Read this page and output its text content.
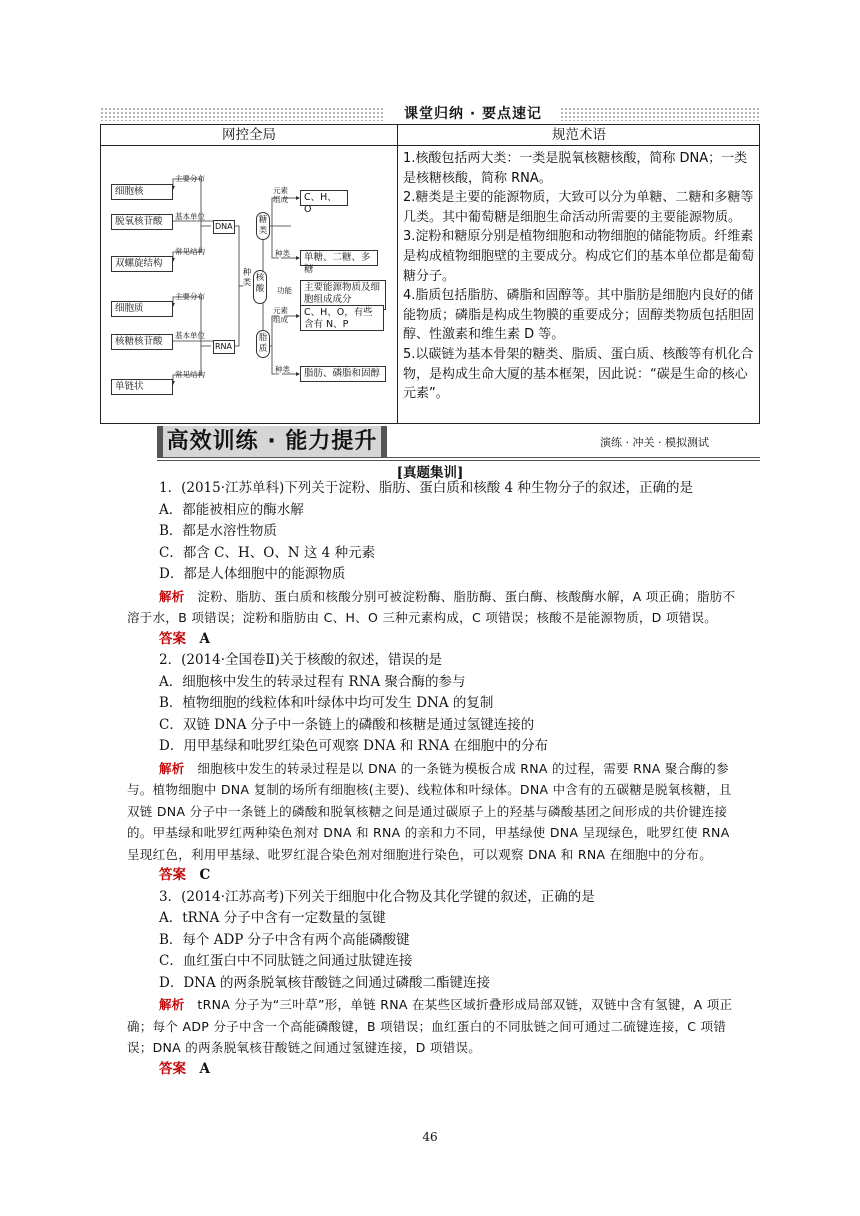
课堂归纳 · 要点速记
网控全局	规范术语
主要分布
细胞核
基本单位
脱氧核苷酸	DNA
常见结构
双螺旋结构
主要分布
细胞质
基本单位
核糖核苷酸	RNA
常见结构
单链状
种类 核酸
糖类
脂质
元素组成	C、H、O
种类	单糖、二糖、多糖
功能	主要能源物质及细胞组成成分
元素组成
C、H、O，有些含有 N、P
种类	脂肪、磷脂和固醇

1.核酸包括两大类：一类是脱氧核糖核酸，简称 DNA；一类是核糖核酸，简称 RNA。

2.糖类是主要的能源物质，大致可以分为单糖、二糖和多糖等几类。其中葡萄糖是细胞生命活动所需要的主要能源物质。

3.淀粉和糖原分别是植物细胞和动物细胞的储能物质。纤维素是构成植物细胞壁的主要成分。构成它们的基本单位都是葡萄糖分子。

4.脂质包括脂肪、磷脂和固醇等。其中脂肪是细胞内良好的储能物质；磷脂是构成生物膜的重要成分；固醇类物质包括胆固醇、性激素和维生素 D 等。

5.以碳链为基本骨架的糖类、脂质、蛋白质、核酸等有机化合物，是构成生命大厦的基本框架，因此说：“碳是生命的核心元素”。

高效训练 · 能力提升	演练 · 冲关 · 模拟测试
[真题集训]

1．(2015·江苏单科)下列关于淀粉、脂肪、蛋白质和核酸 4 种生物分子的叙述，正确的是

A．都能被相应的酶水解

B．都是水溶性物质

C．都含 C、H、O、N 这 4 种元素

D．都是人体细胞中的能源物质

解析　 淀粉、脂肪、蛋白质和核酸分别可被淀粉酶、脂肪酶、蛋白酶、核酸酶水解，A 项正确；脂肪不溶于水，B 项错误；淀粉和脂肪由 C、H、O 三种元素构成，C 项错误；核酸不是能源物质，D 项错误。

答案　 A

2．(2014·全国卷Ⅱ)关于核酸的叙述，错误的是

A．细胞核中发生的转录过程有 RNA 聚合酶的参与

B．植物细胞的线粒体和叶绿体中均可发生 DNA 的复制

C．双链 DNA 分子中一条链上的磷酸和核糖是通过氢键连接的

D．用甲基绿和吡罗红染色可观察 DNA 和 RNA 在细胞中的分布

解析　 细胞核中发生的转录过程是以 DNA 的一条链为模板合成 RNA 的过程，需要 RNA 聚合酶的参与。植物细胞中 DNA 复制的场所有细胞核(主要)、线粒体和叶绿体。DNA 中含有的五碳糖是脱氧核糖，且双链 DNA 分子中一条链上的磷酸和脱氧核糖之间是通过碳原子上的羟基与磷酸基团之间形成的共价键连接的。甲基绿和吡罗红两种染色剂对 DNA 和 RNA 的亲和力不同，甲基绿使 DNA 呈现绿色，吡罗红使 RNA 呈现红色，利用甲基绿、吡罗红混合染色剂对细胞进行染色，可以观察 DNA 和 RNA 在细胞中的分布。

答案　 C

3．(2014·江苏高考)下列关于细胞中化合物及其化学键的叙述，正确的是

A．tRNA 分子中含有一定数量的氢键

B．每个 ADP 分子中含有两个高能磷酸键

C．血红蛋白中不同肽链之间通过肽键连接

D．DNA 的两条脱氧核苷酸链之间通过磷酸二酯键连接

解析　 tRNA 分子为“三叶草”形，单链 RNA 在某些区域折叠形成局部双链，双链中含有氢键，A 项正确；每个 ADP 分子中含一个高能磷酸键，B 项错误；血红蛋白的不同肽链之间可通过二硫键连接，C 项错误；DNA 的两条脱氧核苷酸链之间通过氢键连接，D 项错误。

答案　 A

46
